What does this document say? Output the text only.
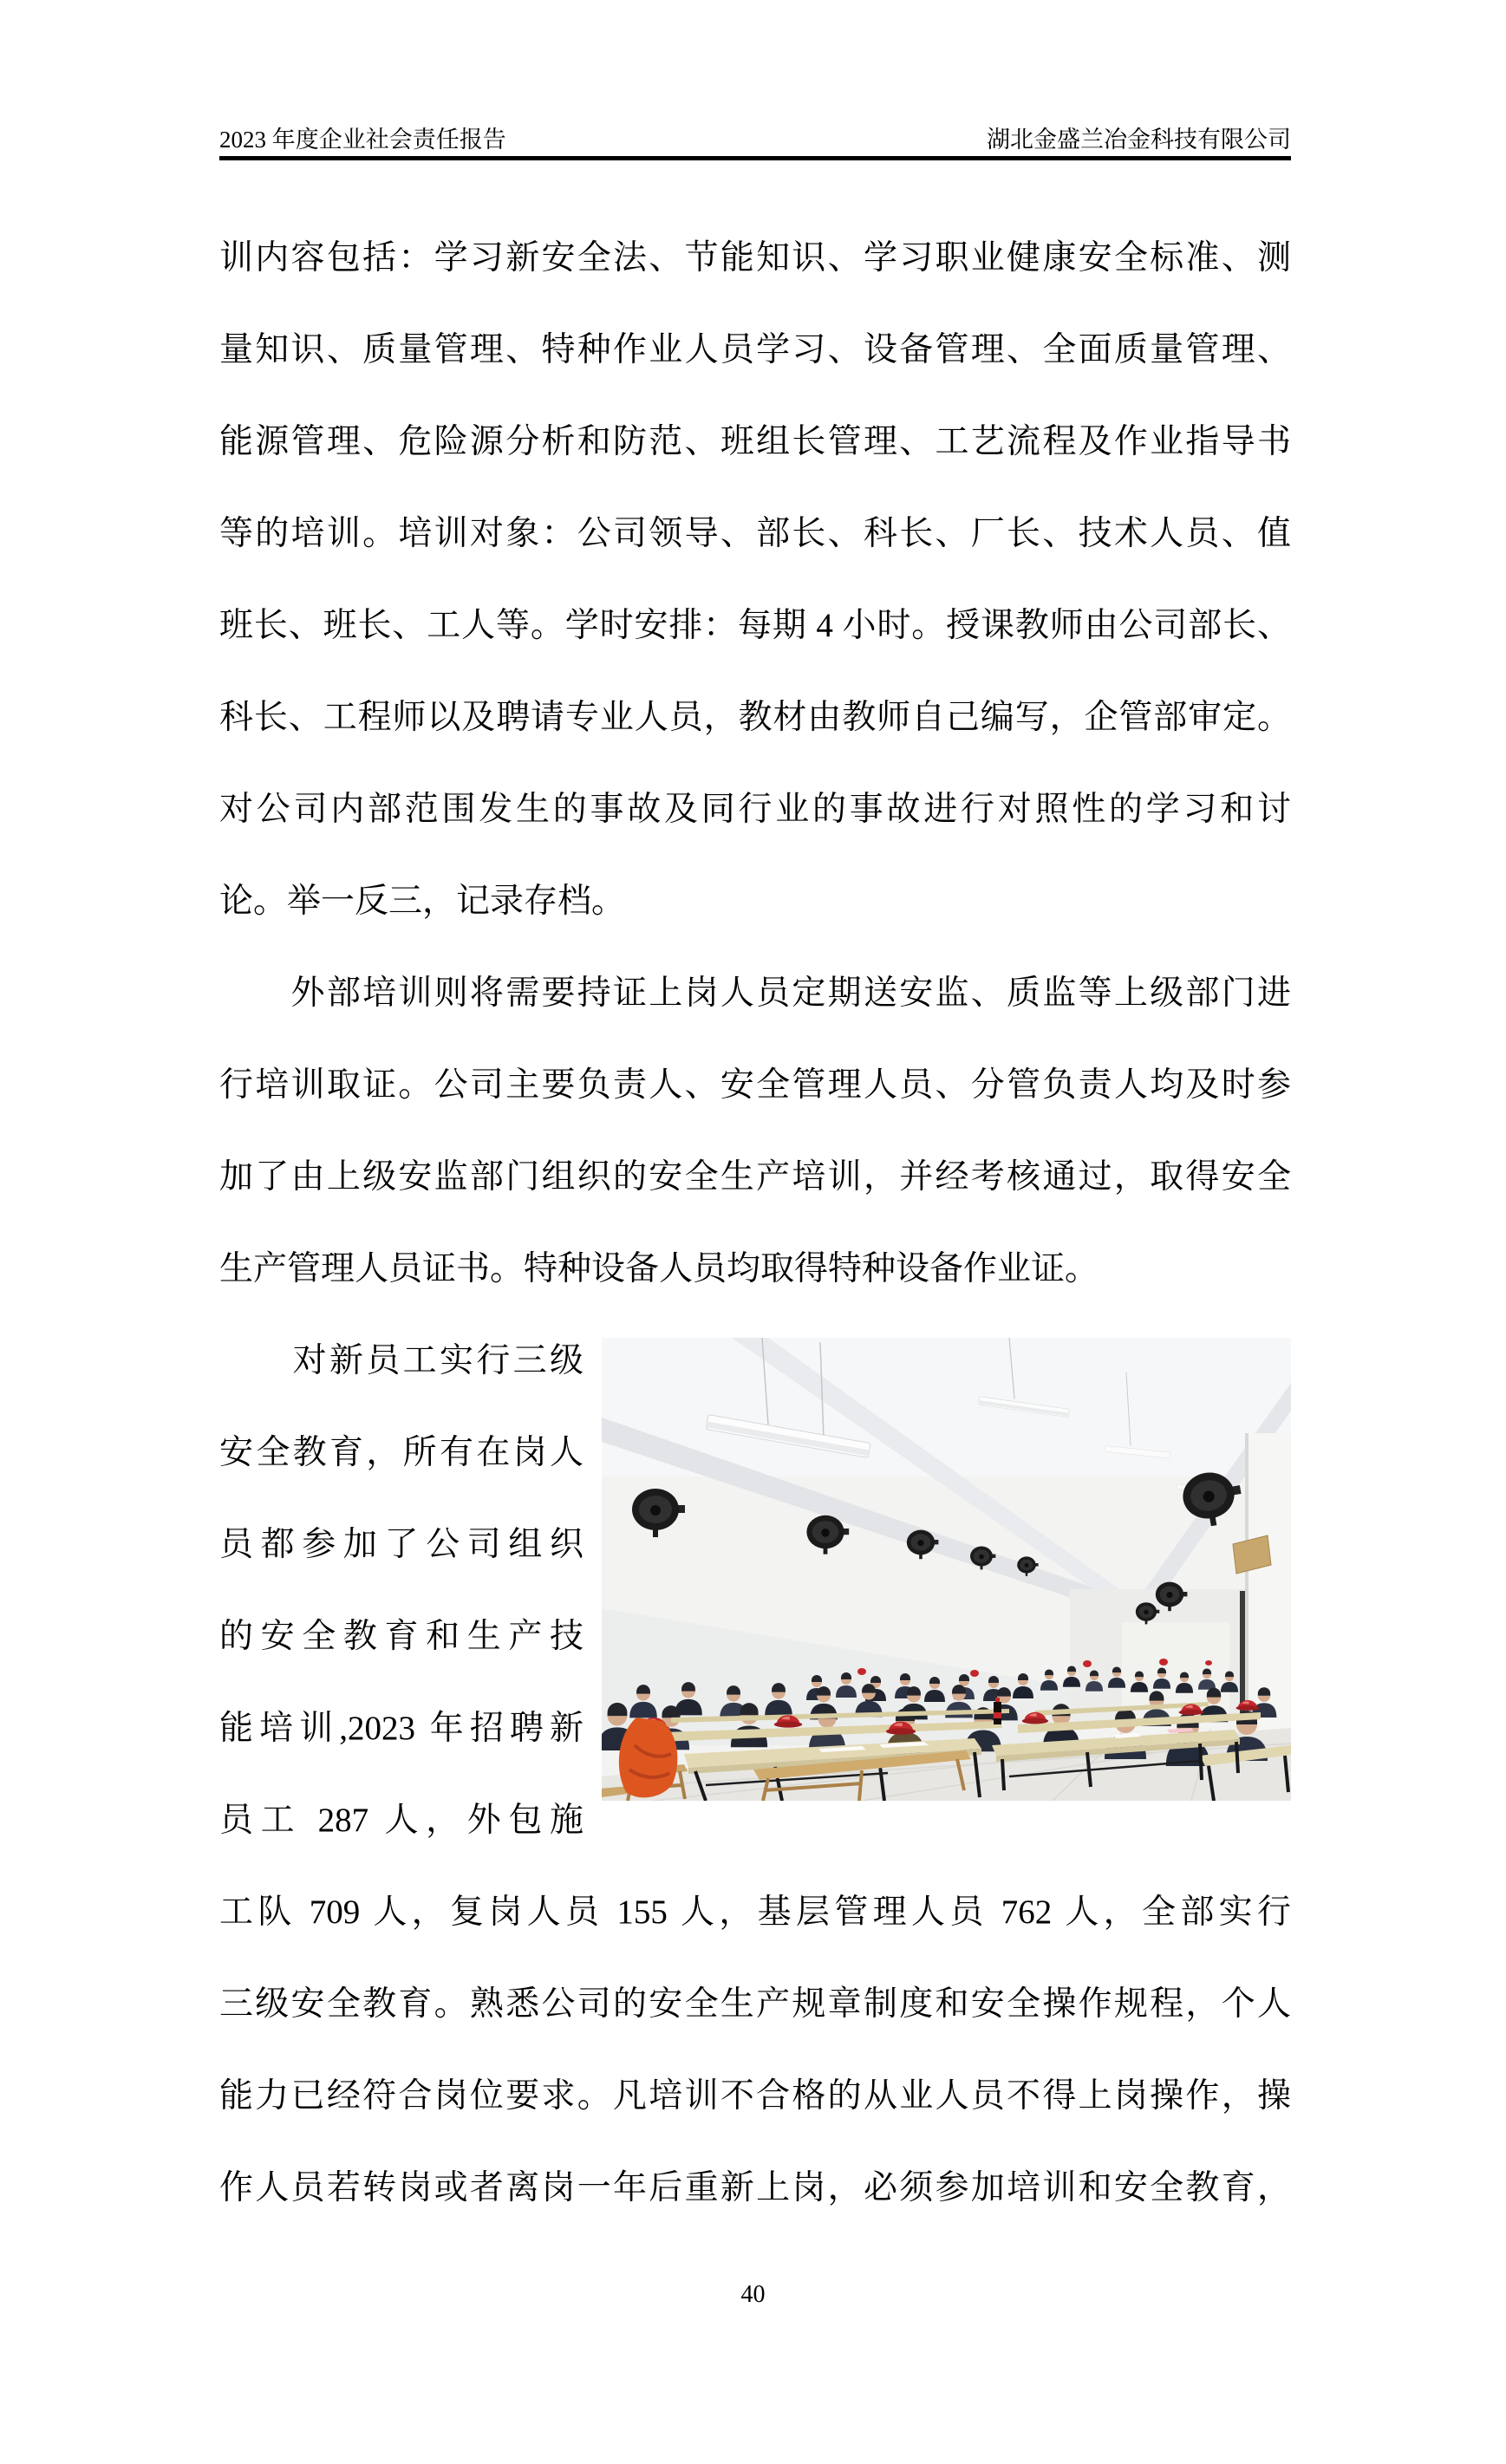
2023 年度企业社会责任报告	湖北金盛兰冶金科技有限公司
训内容包括：学习新安全法、节能知识、学习职业健康安全标准、测
量知识、质量管理、特种作业人员学习、设备管理、全面质量管理、
能源管理、危险源分析和防范、班组长管理、工艺流程及作业指导书
等的培训。培训对象：公司领导、部长、科长、厂长、技术人员、值
班长、班长、工人等。学时安排：每期 4 小时。授课教师由公司部长、
科长、工程师以及聘请专业人员，教材由教师自己编写，企管部审定。
对公司内部范围发生的事故及同行业的事故进行对照性的学习和讨
论。举一反三，记录存档。
　　外部培训则将需要持证上岗人员定期送安监、质监等上级部门进
行培训取证。公司主要负责人、安全管理人员、分管负责人均及时参
加了由上级安监部门组织的安全生产培训，并经考核通过，取得安全
生产管理人员证书。特种设备人员均取得特种设备作业证。
　　对新员工实行三级
安全教育，所有在岗人
员都参加了公司组织
的安全教育和生产技
能培训,2023 年招聘新
员工 287 人，外包施
工队 709 人，复岗人员 155 人，基层管理人员 762 人，全部实行
三级安全教育。熟悉公司的安全生产规章制度和安全操作规程，个人
能力已经符合岗位要求。凡培训不合格的从业人员不得上岗操作，操
作人员若转岗或者离岗一年后重新上岗，必须参加培训和安全教育，
40
